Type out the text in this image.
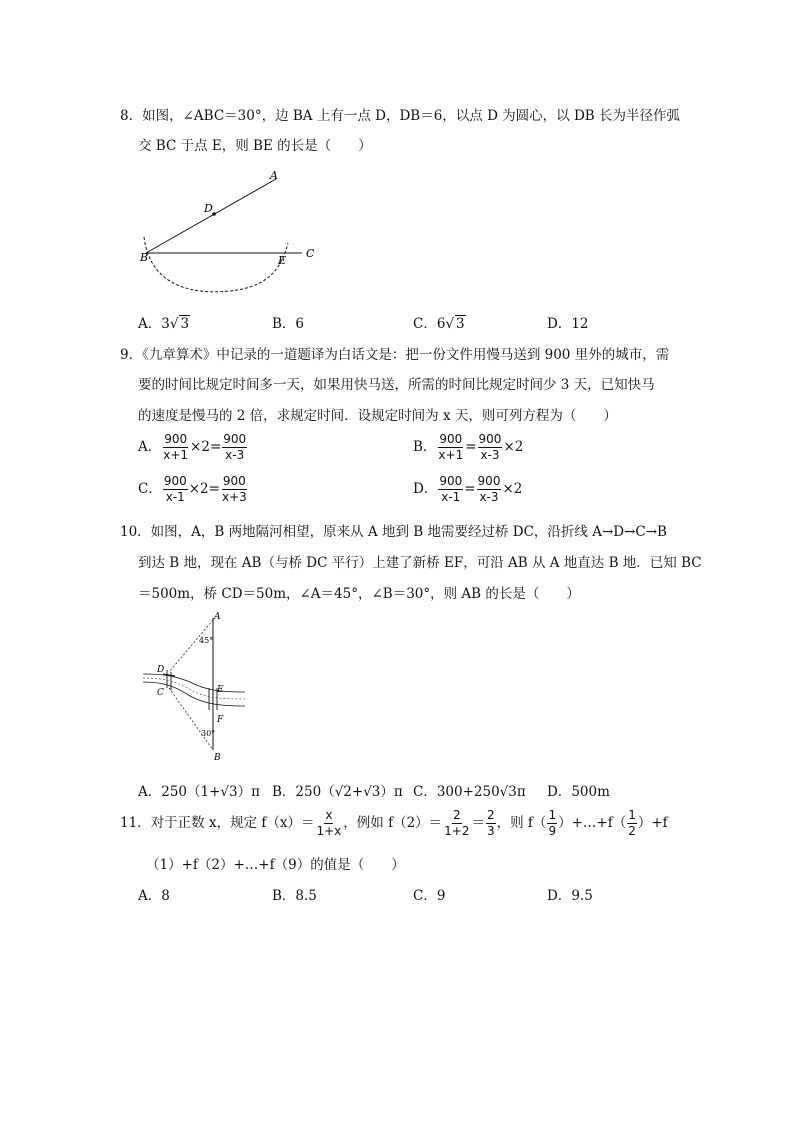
8．如图，∠ABC＝30°，边 BA 上有一点 D，DB＝6，以点 D 为圆心，以 DB 长为半径作弧
交 BC 于点 E，则 BE 的长是（　　）
A
D
B	E
C
A．3√ 3	B．6	C．6√ 3	D．12
9．《九章算术》中记录的一道题译为白话文是：把一份文件用慢马送到 900 里外的城市，需
要的时间比规定时间多一天，如果用快马送，所需的时间比规定时间少 3 天，已知快马
的速度是慢马的 2 倍，求规定时间．设规定时间为 x 天，则可列方程为（　　）
A． $\frac{900}{x+1} \times 2= \frac{900}{x-3}$	B． $\frac{900}{x+1} = \frac{900}{x-3} \times 2$
C． $\frac{900}{x-1} \times 2= \frac{900}{x+3}$	D． $\frac{900}{x-1} = \frac{900}{x-3} \times 2$
10．如图，A，B 两地隔河相望，原来从 A 地到 B 地需要经过桥 DC，沿折线 A→D→C→B
到达 B 地，现在 AB（与桥 DC 平行）上建了新桥 EF，可沿 AB 从 A 地直达 B 地．已知 BC
＝500m，桥 CD＝50m，∠A＝45°，∠B＝30°，则 AB 的长是（　　）
A
45°
D
C	E
F
30°
B
A．250（1+√3）π B．250（√2+√3）π C．300+250√3π D．500m
11．对于正数 x，规定 $f(x)= \frac{x}{1+x}$ ，例如 $f(2)= \frac{2}{1+2} = \frac{2}{3}$ ，则 $f( \frac{1}{9}$ ）+…+f（ $\frac{1}{2} )+f$
（1）+f（2）+…+f（9）的值是（　　）
A．8	B．8.5	C．9	D．9.5
